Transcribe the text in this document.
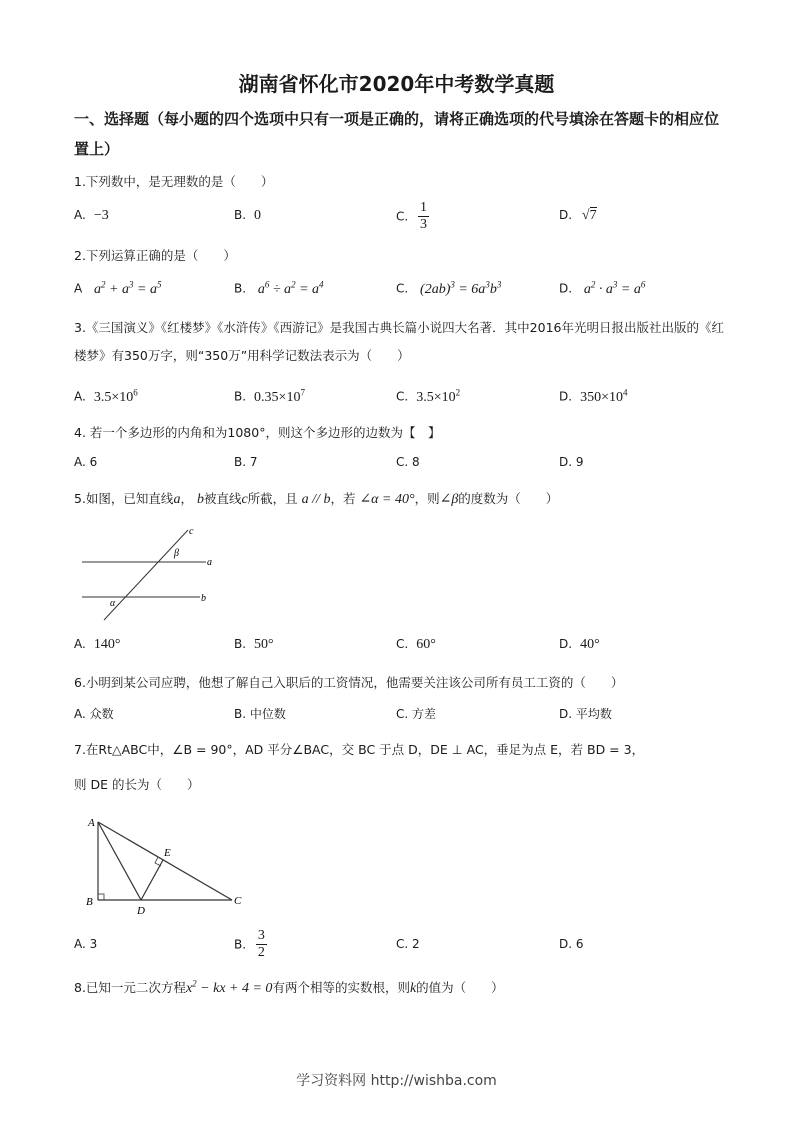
湖南省怀化市2020年中考数学真题
一、选择题（每小题的四个选项中只有一项是正确的，请将正确选项的代号填涂在答题卡的相应位置上）
1.下列数中，是无理数的是（　　）
A. −3	B. 0	C. $\frac{1}{3}$	D. √7
2.下列运算正确的是（　　）
A $a^2 + a^3 = a^5$	B. $a^6 \div a^2 = a^4$	C. $(2ab)^3 = 6a^3b^3$	D. $a^2 \cdot a^3 = a^6$
3.《三国演义》《红楼梦》《水浒传》《西游记》是我国古典长篇小说四大名著．其中2016年光明日报出版社出版的《红楼梦》有350万字，则“350万”用科学记数法表示为（　　）
A. $3.5\times 10^6$	B. $0.35\times 10^7$	C. $3.5\times 10^2$	D. $350\times 10^4$
4. 若一个多边形的内角和为1080°，则这个多边形的边数为【　】
A. 6	B. 7	C. 8	D. 9
5.如图，已知直线a， b被直线c所截，且 a // b，若 ∠α = 40°，则∠β的度数为（　　）
c
a
b
α
β
A. 140°	B. 50°	C. 60°	D. 40°
6.小明到某公司应聘，他想了解自己入职后的工资情况，他需要关注该公司所有员工工资的（　　）
A. 众数	B. 中位数	C. 方差	D. 平均数
7.在Rt△ABC中，∠B = 90°，AD 平分∠BAC，交 BC 于点 D，DE ⊥ AC，垂足为点 E，若 BD = 3，
则 DE 的长为（　　）
A
B	C
D
E
A. 3	B. $\frac{3}{2}$	C. 2	D. 6
8.已知一元二次方程$x^2$ − kx + 4 = 0有两个相等的实数根，则k的值为（　　）
学习资料网 http://wishba.com
